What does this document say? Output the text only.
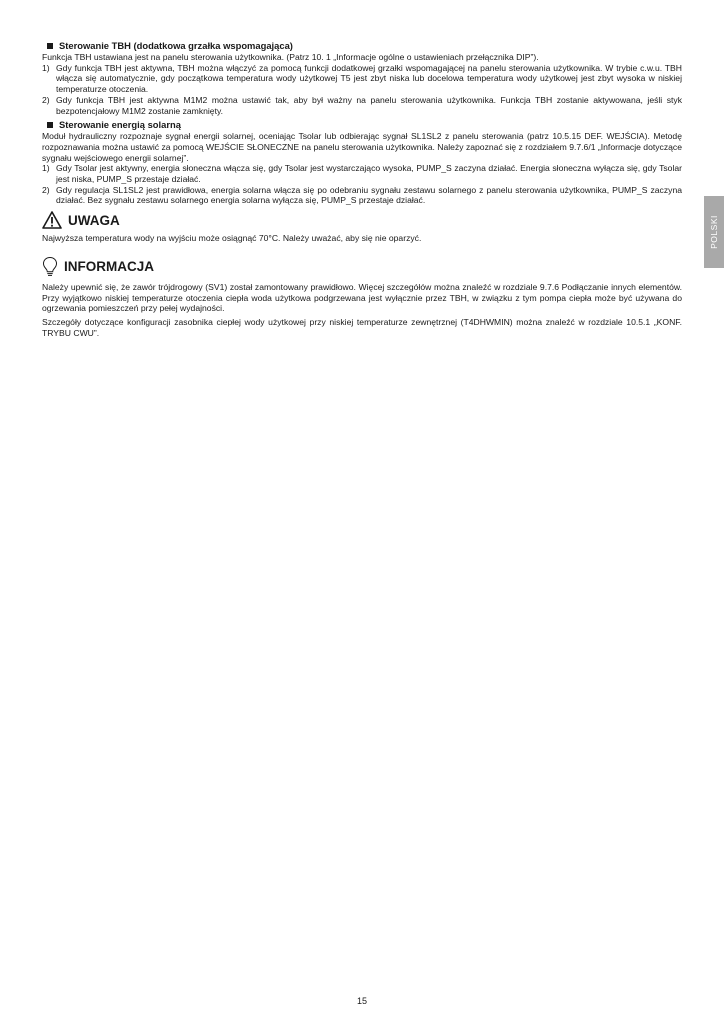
Sterowanie TBH (dodatkowa grzałka wspomagająca)

Funkcja TBH ustawiana jest na panelu sterowania użytkownika. (Patrz 10. 1 „Informacje ogólne o ustawieniach przełącznika DIP”).

1) Gdy funkcja TBH jest aktywna, TBH można włączyć za pomocą funkcji dodatkowej grzałki wspomagającej na panelu sterowania użytkownika. W trybie c.w.u. TBH włącza się automatycznie, gdy początkowa temperatura wody użytkowej T5 jest zbyt niska lub docelowa temperatura wody użytkowej jest zbyt wysoka w niskiej temperaturze otoczenia.
2) Gdy funkcja TBH jest aktywna M1M2 można ustawić tak, aby był ważny na panelu sterowania użytkownika. Funkcja TBH zostanie aktywowana, jeśli styk bezpotencjałowy M1M2 zostanie zamknięty.
Sterowanie energią solarną

Moduł hydrauliczny rozpoznaje sygnał energii solarnej, oceniając Tsolar lub odbierając sygnał SL1SL2 z panelu sterowania (patrz 10.5.15 DEF. WEJŚCIA). Metodę rozpoznawania można ustawić za pomocą WEJŚCIE SŁONECZNE na panelu sterowania użytkownika. Należy zapoznać się z rozdziałem 9.7.6/1 „Informacje dotyczące sygnału wejściowego energii solarnej”.

1) Gdy Tsolar jest aktywny, energia słoneczna włącza się, gdy Tsolar jest wystarczająco wysoka, PUMP_S zaczyna działać. Energia słoneczna wyłącza się, gdy Tsolar jest niska, PUMP_S przestaje działać.
2) Gdy regulacja SL1SL2 jest prawidłowa, energia solarna włącza się po odebraniu sygnału zestawu solarnego z panelu sterowania użytkownika, PUMP_S zaczyna działać. Bez sygnału zestawu solarnego energia solarna wyłącza się, PUMP_S przestaje działać.
UWAGA

Najwyższa temperatura wody na wyjściu może osiągnąć 70°C. Należy uważać, aby się nie oparzyć.

INFORMACJA

Należy upewnić się, że zawór trójdrogowy (SV1) został zamontowany prawidłowo. Więcej szczegółów można znaleźć w rozdziale 9.7.6 Podłączanie innych elementów. Przy wyjątkowo niskiej temperaturze otoczenia ciepła woda użytkowa podgrzewana jest wyłącznie przez TBH, w związku z tym pompa ciepła może być używana do ogrzewania pomieszczeń przy pełej wydajności.

Szczegóły dotyczące konfiguracji zasobnika ciepłej wody użytkowej przy niskiej temperaturze zewnętrznej (T4DHWMIN) można znaleźć w rozdziale 10.5.1 „KONF. TRYBU CWU”.

POLSKI
15
